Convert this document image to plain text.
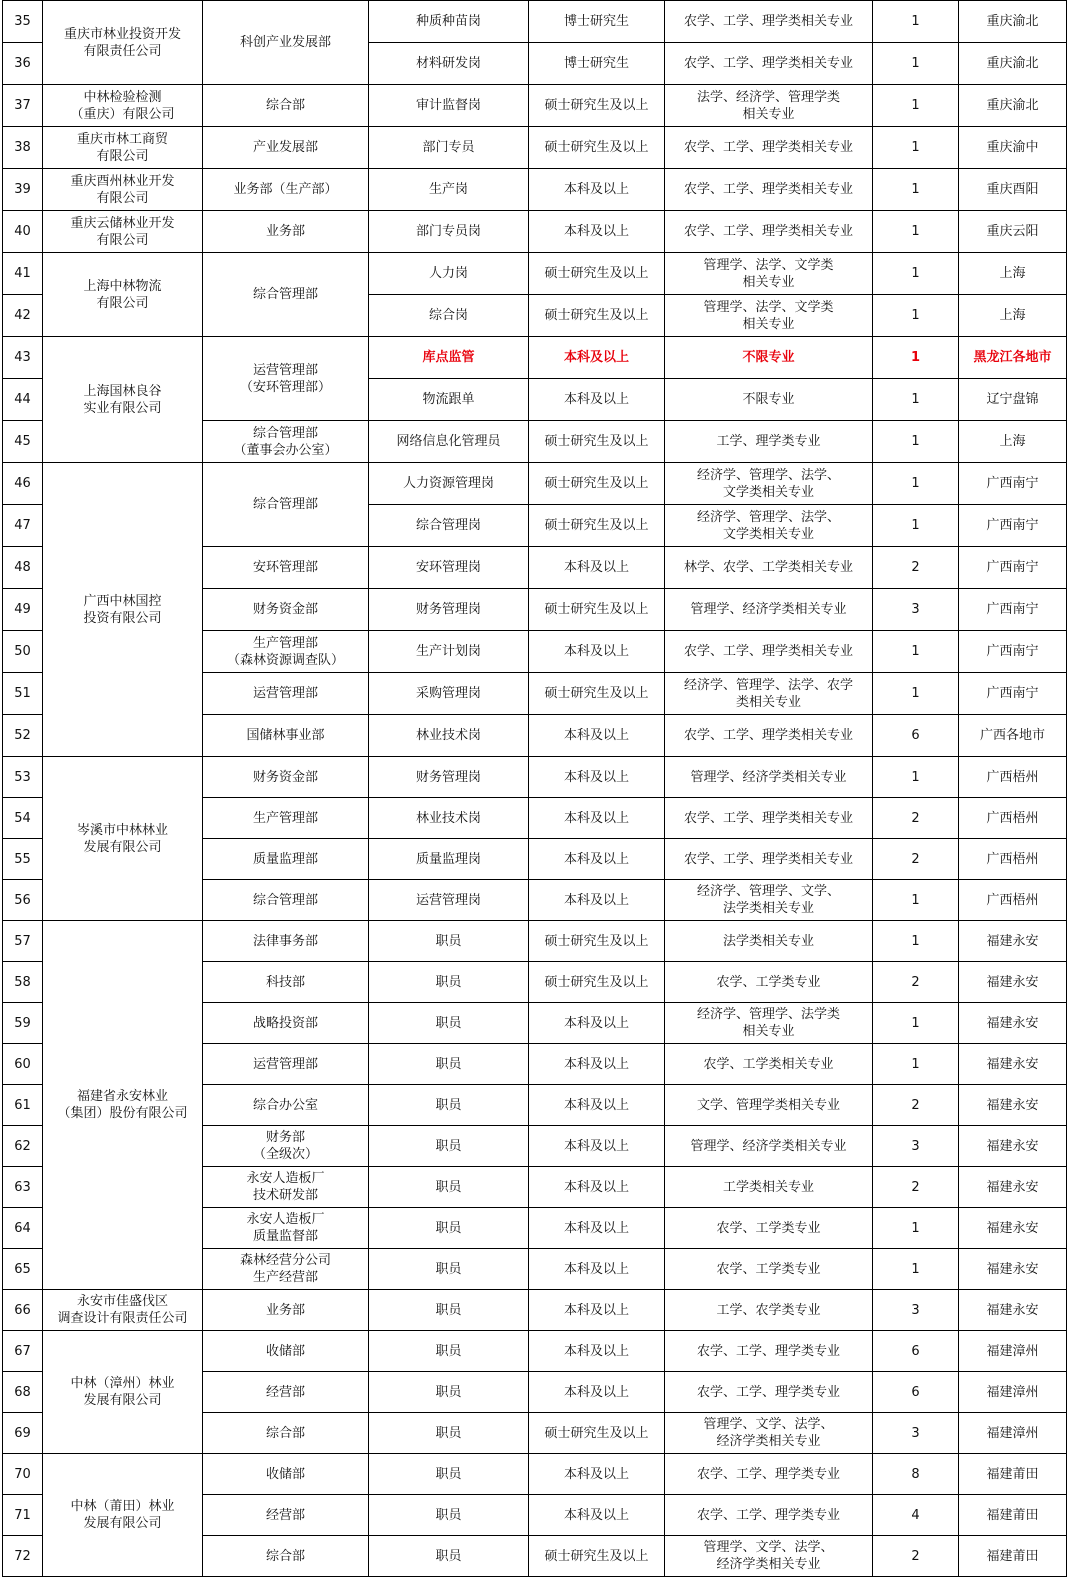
35	重庆市林业投资开发
有限责任公司	科创产业发展部	种质种苗岗	博士研究生	农学、工学、理学类相关专业	1	重庆渝北
36			材料研发岗	博士研究生	农学、工学、理学类相关专业	1	重庆渝北
37	中林检验检测
（重庆）有限公司	综合部	审计监督岗	硕士研究生及以上	法学、经济学、管理学类
相关专业	1	重庆渝北
38	重庆市林工商贸
有限公司	产业发展部	部门专员	硕士研究生及以上	农学、工学、理学类相关专业	1	重庆渝中
39	重庆酉州林业开发
有限公司	业务部（生产部）	生产岗	本科及以上	农学、工学、理学类相关专业	1	重庆酉阳
40	重庆云储林业开发
有限公司	业务部	部门专员岗	本科及以上	农学、工学、理学类相关专业	1	重庆云阳
41	上海中林物流
有限公司	综合管理部	人力岗	硕士研究生及以上	管理学、法学、文学类
相关专业	1	上海
42			综合岗	硕士研究生及以上	管理学、法学、文学类
相关专业	1	上海
43	上海国林良谷
实业有限公司	运营管理部
（安环管理部）	库点监管	本科及以上	不限专业	1	黑龙江各地市
44			物流跟单	本科及以上	不限专业	1	辽宁盘锦
45		综合管理部
（董事会办公室）	网络信息化管理员	硕士研究生及以上	工学、理学类专业	1	上海
46	广西中林国控
投资有限公司	综合管理部	人力资源管理岗	硕士研究生及以上	经济学、管理学、法学、
文学类相关专业	1	广西南宁
47			综合管理岗	硕士研究生及以上	经济学、管理学、法学、
文学类相关专业	1	广西南宁
48		安环管理部	安环管理岗	本科及以上	林学、农学、工学类相关专业	2	广西南宁
49		财务资金部	财务管理岗	硕士研究生及以上	管理学、经济学类相关专业	3	广西南宁
50		生产管理部
（森林资源调查队）	生产计划岗	本科及以上	农学、工学、理学类相关专业	1	广西南宁
51		运营管理部	采购管理岗	硕士研究生及以上	经济学、管理学、法学、农学
类相关专业	1	广西南宁
52		国储林事业部	林业技术岗	本科及以上	农学、工学、理学类相关专业	6	广西各地市
53	岑溪市中林林业
发展有限公司	财务资金部	财务管理岗	本科及以上	管理学、经济学类相关专业	1	广西梧州
54		生产管理部	林业技术岗	本科及以上	农学、工学、理学类相关专业	2	广西梧州
55		质量监理部	质量监理岗	本科及以上	农学、工学、理学类相关专业	2	广西梧州
56		综合管理部	运营管理岗	本科及以上	经济学、管理学、文学、
法学类相关专业	1	广西梧州
57	福建省永安林业
（集团）股份有限公司	法律事务部	职员	硕士研究生及以上	法学类相关专业	1	福建永安
58		科技部	职员	硕士研究生及以上	农学、工学类专业	2	福建永安
59		战略投资部	职员	本科及以上	经济学、管理学、法学类
相关专业	1	福建永安
60		运营管理部	职员	本科及以上	农学、工学类相关专业	1	福建永安
61		综合办公室	职员	本科及以上	文学、管理学类相关专业	2	福建永安
62		财务部
（全级次）	职员	本科及以上	管理学、经济学类相关专业	3	福建永安
63		永安人造板厂
技术研发部	职员	本科及以上	工学类相关专业	2	福建永安
64		永安人造板厂
质量监督部	职员	本科及以上	农学、工学类专业	1	福建永安
65		森林经营分公司
生产经营部	职员	本科及以上	农学、工学类专业	1	福建永安
66	永安市佳盛伐区
调查设计有限责任公司	业务部	职员	本科及以上	工学、农学类专业	3	福建永安
67	中林（漳州）林业
发展有限公司	收储部	职员	本科及以上	农学、工学、理学类专业	6	福建漳州
68		经营部	职员	本科及以上	农学、工学、理学类专业	6	福建漳州
69		综合部	职员	硕士研究生及以上	管理学、文学、法学、
经济学类相关专业	3	福建漳州
70	中林（莆田）林业
发展有限公司	收储部	职员	本科及以上	农学、工学、理学类专业	8	福建莆田
71		经营部	职员	本科及以上	农学、工学、理学类专业	4	福建莆田
72		综合部	职员	硕士研究生及以上	管理学、文学、法学、
经济学类相关专业	2	福建莆田
